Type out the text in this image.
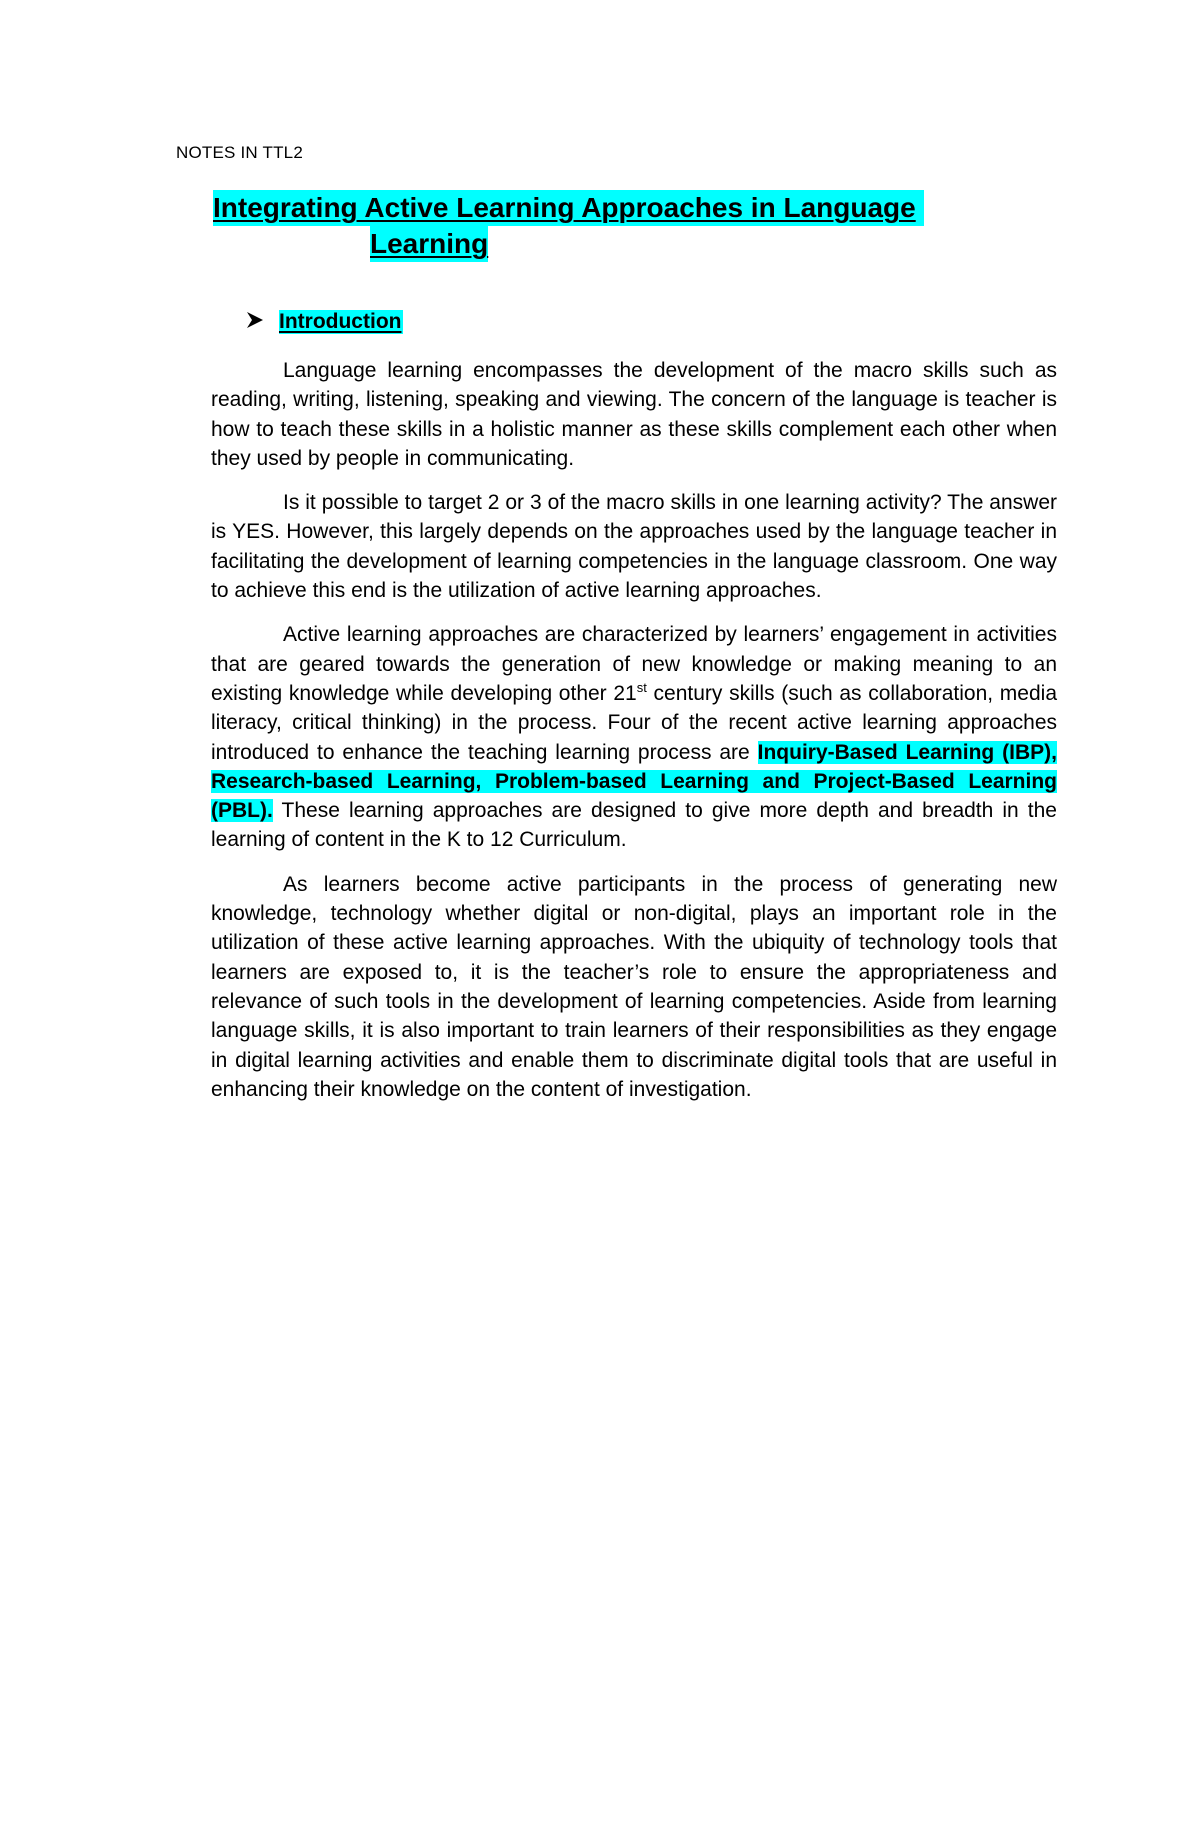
NOTES IN TTL2
Integrating Active Learning Approaches in Language
Learning
Introduction

Language learning encompasses the development of the macro skills such as reading, writing, listening, speaking and viewing. The concern of the language is teacher is how to teach these skills in a holistic manner as these skills complement each other when they used by people in communicating.

Is it possible to target 2 or 3 of the macro skills in one learning activity? The answer is YES. However, this largely depends on the approaches used by the language teacher in facilitating the development of learning competencies in the language classroom. One way to achieve this end is the utilization of active learning approaches.

Active learning approaches are characterized by learners’ engagement in activities that are geared towards the generation of new knowledge or making meaning to an existing knowledge while developing other 21st century skills (such as collaboration, media literacy, critical thinking) in the process. Four of the recent active learning approaches introduced to enhance the teaching learning process are Inquiry-Based Learning (IBP), Research-based Learning, Problem-based Learning and Project-Based Learning (PBL). These learning approaches are designed to give more depth and breadth in the learning of content in the K to 12 Curriculum.

As learners become active participants in the process of generating new knowledge, technology whether digital or non-digital, plays an important role in the utilization of these active learning approaches. With the ubiquity of technology tools that learners are exposed to, it is the teacher’s role to ensure the appropriateness and relevance of such tools in the development of learning competencies. Aside from learning language skills, it is also important to train learners of their responsibilities as they engage in digital learning activities and enable them to discriminate digital tools that are useful in enhancing their knowledge on the content of investigation.
